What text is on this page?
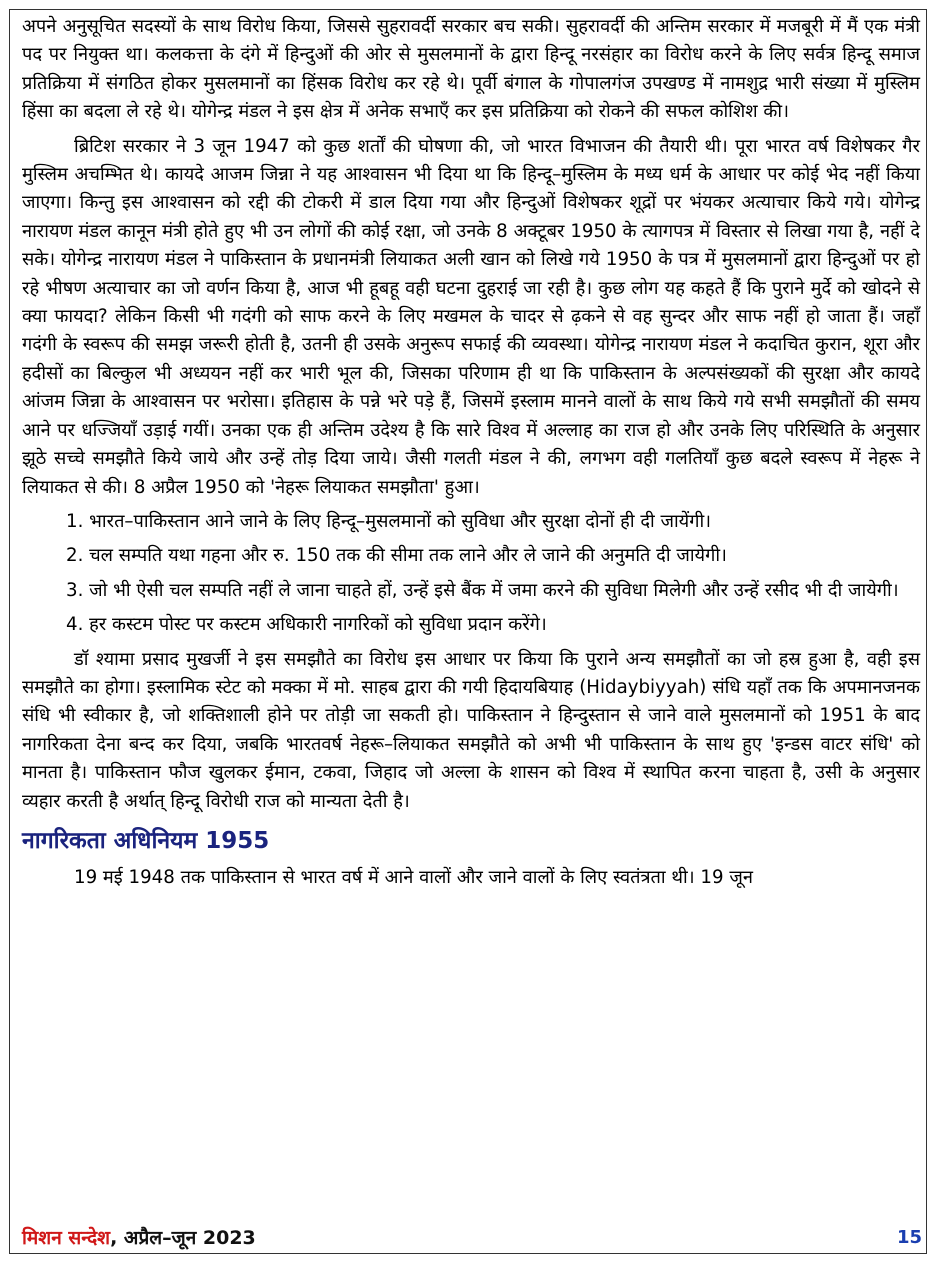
अपने अनुसूचित सदस्यों के साथ विरोध किया, जिससे सुहरावर्दी सरकार बच सकी। सुहरावर्दी की अन्तिम सरकार में मजबूरी में मैं एक मंत्री पद पर नियुक्त था। कलकत्ता के दंगे में हिन्दुओं की ओर से मुसलमानों के द्वारा हिन्दू नरसंहार का विरोध करने के लिए सर्वत्र हिन्दू समाज प्रतिक्रिया में संगठित होकर मुसलमानों का हिंसक विरोध कर रहे थे। पूर्वी बंगाल के गोपालगंज उपखण्ड में नामशुद्र भारी संख्या में मुस्लिम हिंसा का बदला ले रहे थे। योगेन्द्र मंडल ने इस क्षेत्र में अनेक सभाएँ कर इस प्रतिक्रिया को रोकने की सफल कोशिश की।

ब्रिटिश सरकार ने 3 जून 1947 को कुछ शर्तों की घोषणा की, जो भारत विभाजन की तैयारी थी। पूरा भारत वर्ष विशेषकर गैर मुस्लिम अचम्भित थे। कायदे आजम जिन्ना ने यह आश्वासन भी दिया था कि हिन्दू–मुस्लिम के मध्य धर्म के आधार पर कोई भेद नहीं किया जाएगा। किन्तु इस आश्वासन को रद्दी की टोकरी में डाल दिया गया और हिन्दुओं विशेषकर शूद्रों पर भंयकर अत्याचार किये गये। योगेन्द्र नारायण मंडल कानून मंत्री होते हुए भी उन लोगों की कोई रक्षा, जो उनके 8 अक्टूबर 1950 के त्यागपत्र में विस्तार से लिखा गया है, नहीं दे सके। योगेन्द्र नारायण मंडल ने पाकिस्तान के प्रधानमंत्री लियाकत अली खान को लिखे गये 1950 के पत्र में मुसलमानों द्वारा हिन्दुओं पर हो रहे भीषण अत्याचार का जो वर्णन किया है, आज भी हूबहू वही घटना दुहराई जा रही है। कुछ लोग यह कहते हैं कि पुराने मुर्दे को खोदने से क्या फायदा? लेकिन किसी भी गदंगी को साफ करने के लिए मखमल के चादर से ढ़कने से वह सुन्दर और साफ नहीं हो जाता हैं। जहाँ गदंगी के स्वरूप की समझ जरूरी होती है, उतनी ही उसके अनुरूप सफाई की व्यवस्था। योगेन्द्र नारायण मंडल ने कदाचित कुरान, शूरा और हदीसों का बिल्कुल भी अध्ययन नहीं कर भारी भूल की, जिसका परिणाम ही था कि पाकिस्तान के अल्पसंख्यकों की सुरक्षा और कायदे आंजम जिन्ना के आश्वासन पर भरोसा। इतिहास के पन्ने भरे पड़े हैं, जिसमें इस्लाम मानने वालों के साथ किये गये सभी समझौतों की समय आने पर धज्जियाँ उड़ाई गयीं। उनका एक ही अन्तिम उदेश्य है कि सारे विश्व में अल्लाह का राज हो और उनके लिए परिस्थिति के अनुसार झूठे सच्चे समझौते किये जाये और उन्हें तोड़ दिया जाये। जैसी गलती मंडल ने की, लगभग वही गलतियाँ कुछ बदले स्वरूप में नेहरू ने लियाकत से की। 8 अप्रैल 1950 को 'नेहरू लियाकत समझौता' हुआ।

1. भारत–पाकिस्तान आने जाने के लिए हिन्दू–मुसलमानों को सुविधा और सुरक्षा दोनों ही दी जायेंगी।

2. चल सम्पति यथा गहना और रु. 150 तक की सीमा तक लाने और ले जाने की अनुमति दी जायेगी।

3. जो भी ऐसी चल सम्पति नहीं ले जाना चाहते हों, उन्हें इसे बैंक में जमा करने की सुविधा मिलेगी और उन्हें रसीद भी दी जायेगी।

4. हर कस्टम पोस्ट पर कस्टम अधिकारी नागरिकों को सुविधा प्रदान करेंगे।

डॉ श्यामा प्रसाद मुखर्जी ने इस समझौते का विरोध इस आधार पर किया कि पुराने अन्य समझौतों का जो हस्र हुआ है, वही इस समझौते का होगा। इस्लामिक स्टेट को मक्का में मो. साहब द्वारा की गयी हिदायबियाह (Hidaybiyyah) संधि यहाँ तक कि अपमानजनक संधि भी स्वीकार है, जो शक्तिशाली होने पर तोड़ी जा सकती हो। पाकिस्तान ने हिन्दुस्तान से जाने वाले मुसलमानों को 1951 के बाद नागरिकता देना बन्द कर दिया, जबकि भारतवर्ष नेहरू–लियाकत समझौते को अभी भी पाकिस्तान के साथ हुए 'इन्डस वाटर संधि' को मानता है। पाकिस्तान फौज खुलकर ईमान, टकवा, जिहाद जो अल्ला के शासन को विश्व में स्थापित करना चाहता है, उसी के अनुसार व्यहार करती है अर्थात् हिन्दू विरोधी राज को मान्यता देती है।

नागरिकता अधिनियम 1955

19 मई 1948 तक पाकिस्तान से भारत वर्ष में आने वालों और जाने वालों के लिए स्वतंत्रता थी। 19 जून

मिशन सन्देश, अप्रैल–जून 2023	15
